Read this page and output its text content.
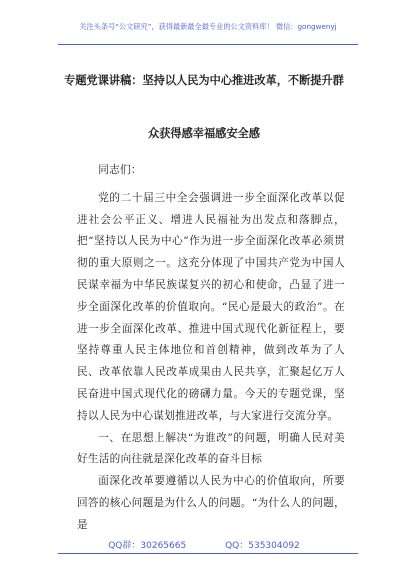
关注头条号“公文研究”，获得最新最全最专业的公文资料库！ 微信：gongwenyj
专题党课讲稿：坚持以人民为中心推进改革，不断提升群
众获得感幸福感安全感

同志们：

党的二十届三中全会强调进一步全面深化改革以促进社会公平正义、增进人民福祉为出发点和落脚点，把“坚持以人民为中心”作为进一步全面深化改革必须贯彻的重大原则之一。这充分体现了中国共产党为中国人民谋幸福为中华民族谋复兴的初心和使命，凸显了进一步全面深化改革的价值取向。“民心是最大的政治”。在进一步全面深化改革、推进中国式现代化新征程上，要坚持尊重人民主体地位和首创精神，做到改革为了人民、改革依靠人民改革成果由人民共享，汇聚起亿万人民奋进中国式现代化的磅礴力量。今天的专题党课，坚持以人民为中心谋划推进改革，与大家进行交流分享。

一、在思想上解决“为谁改”的问题，明确人民对美好生活的向往就是深化改革的奋斗目标

面深化改革要遵循以人民为中心的价值取向，所要回答的核心问题是为什么人的问题。“为什么人的问题，是

QQ群：30265665	QQ：535304092
